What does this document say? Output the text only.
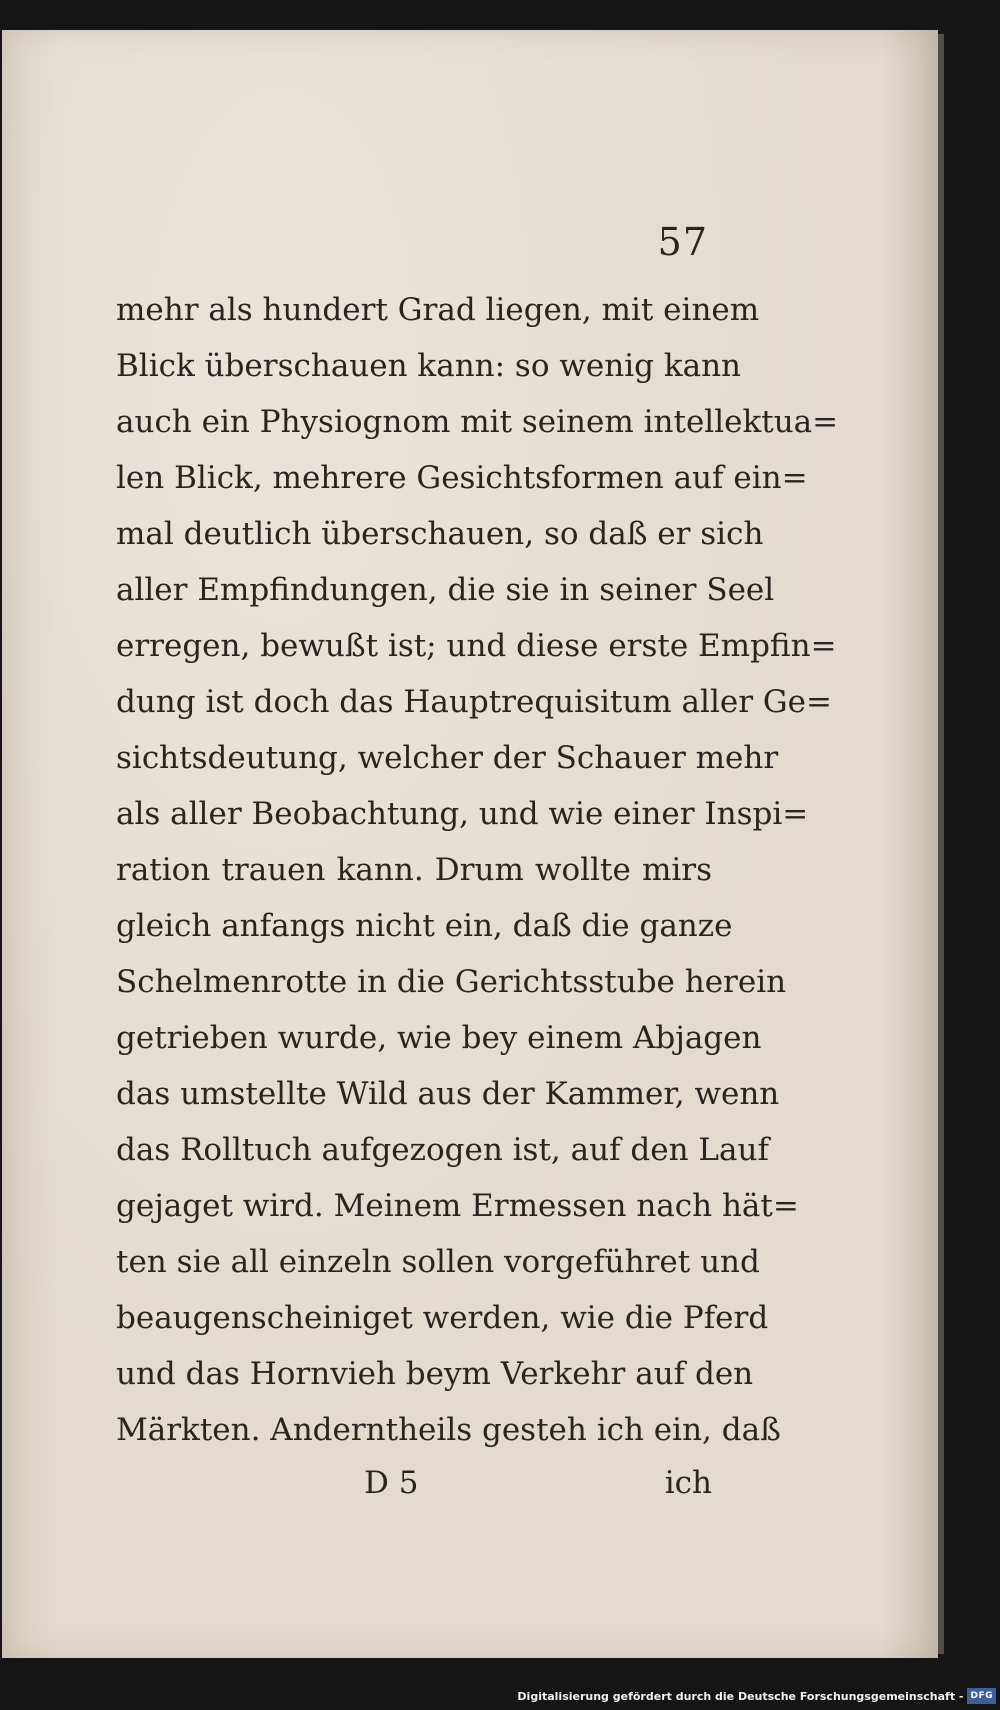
57
mehr als hundert Grad liegen, mit einem
Blick überschauen kann: so wenig kann
auch ein Physiognom mit seinem intellektua=
len Blick, mehrere Gesichtsformen auf ein=
mal deutlich überschauen, so daß er sich
aller Empfindungen, die sie in seiner Seel
erregen, bewußt ist; und diese erste Empfin=
dung ist doch das Hauptrequisitum aller Ge=
sichtsdeutung, welcher der Schauer mehr
als aller Beobachtung, und wie einer Inspi=
ration trauen kann. Drum wollte mirs
gleich anfangs nicht ein, daß die ganze
Schelmenrotte in die Gerichtsstube herein
getrieben wurde, wie bey einem Abjagen
das umstellte Wild aus der Kammer, wenn
das Rolltuch aufgezogen ist, auf den Lauf
gejaget wird. Meinem Ermessen nach hät=
ten sie all einzeln sollen vorgeführet und
beaugenscheiniget werden, wie die Pferd
und das Hornvieh beym Verkehr auf den
Märkten. Anderntheils gesteh ich ein, daß
D 5	ich
Digitalisierung gefördert durch die Deutsche Forschungsgemeinschaft - DFG
